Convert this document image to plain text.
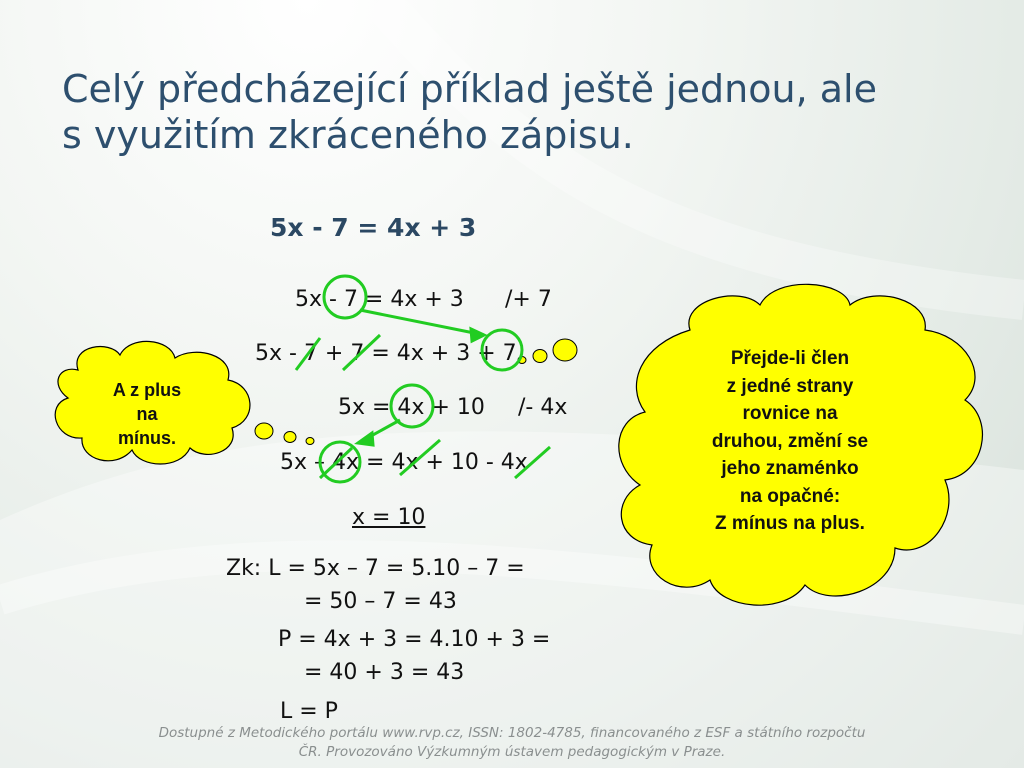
Celý předcházející příklad ještě jednou, ale
s využitím zkráceného zápisu.
5x - 7 = 4x + 3
5x - 7 = 4x + 3 /+ 7
5x - 7 + 7 = 4x + 3 + 7
5x = 4x + 10 /- 4x
5x – 4x = 4x + 10 - 4x
x = 10
Zk: L = 5x – 7 = 5.10 – 7 =
= 50 – 7 = 43
P = 4x + 3 = 4.10 + 3 =
= 40 + 3 = 43
L = P
A z plus
na
mínus.
Přejde-li člen
z jedné strany
rovnice na
druhou, změní se
jeho znaménko
na opačné:
Z mínus na plus.
Dostupné z Metodického portálu www.rvp.cz, ISSN: 1802-4785, financovaného z ESF a státního rozpočtu
ČR. Provozováno Výzkumným ústavem pedagogickým v Praze.
